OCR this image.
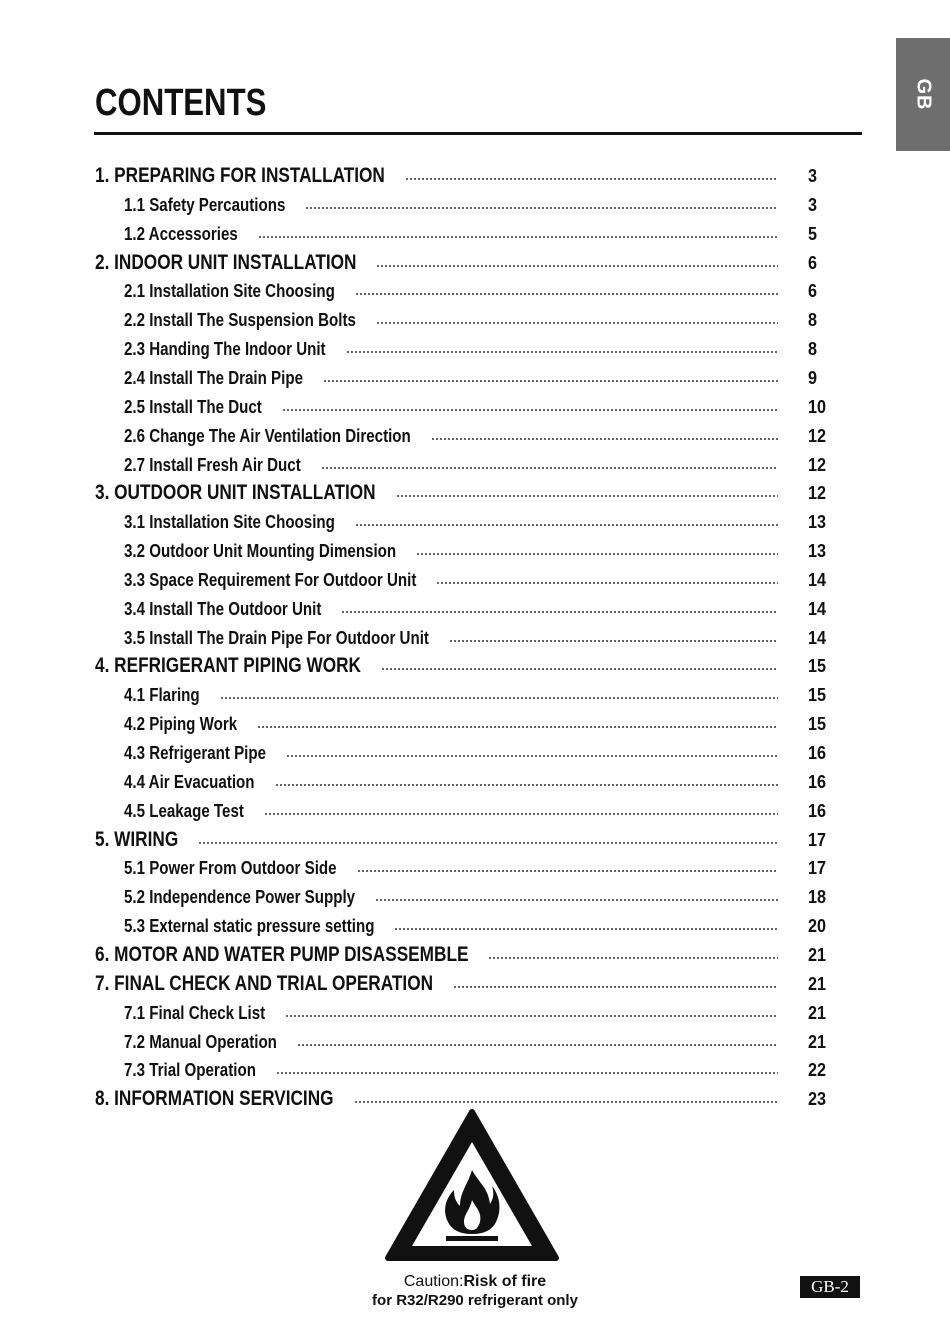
GB
CONTENTS
1. PREPARING FOR INSTALLATION	3
1.1 Safety Percautions	3
1.2 Accessories	5
2. INDOOR UNIT INSTALLATION	6
2.1 Installation Site Choosing	6
2.2 Install The Suspension Bolts	8
2.3 Handing The Indoor Unit	8
2.4 Install The Drain Pipe	9
2.5 Install The Duct	10
2.6 Change The Air Ventilation Direction	12
2.7 Install Fresh Air Duct	12
3. OUTDOOR UNIT INSTALLATION	12
3.1 Installation Site Choosing	13
3.2 Outdoor Unit Mounting Dimension	13
3.3 Space Requirement For Outdoor Unit	14
3.4 Install The Outdoor Unit	14
3.5 Install The Drain Pipe For Outdoor Unit	14
4. REFRIGERANT PIPING WORK	15
4.1 Flaring	15
4.2 Piping Work	15
4.3 Refrigerant Pipe	16
4.4 Air Evacuation	16
4.5 Leakage Test	16
5. WIRING	17
5.1 Power From Outdoor Side	17
5.2 Independence Power Supply	18
5.3 External static pressure setting	20
6. MOTOR AND WATER PUMP DISASSEMBLE	21
7. FINAL CHECK AND TRIAL OPERATION	21
7.1 Final Check List	21
7.2 Manual Operation	21
7.3 Trial Operation	22
8. INFORMATION SERVICING	23
Caution:Risk of fire
for R32/R290 refrigerant only
GB-2
